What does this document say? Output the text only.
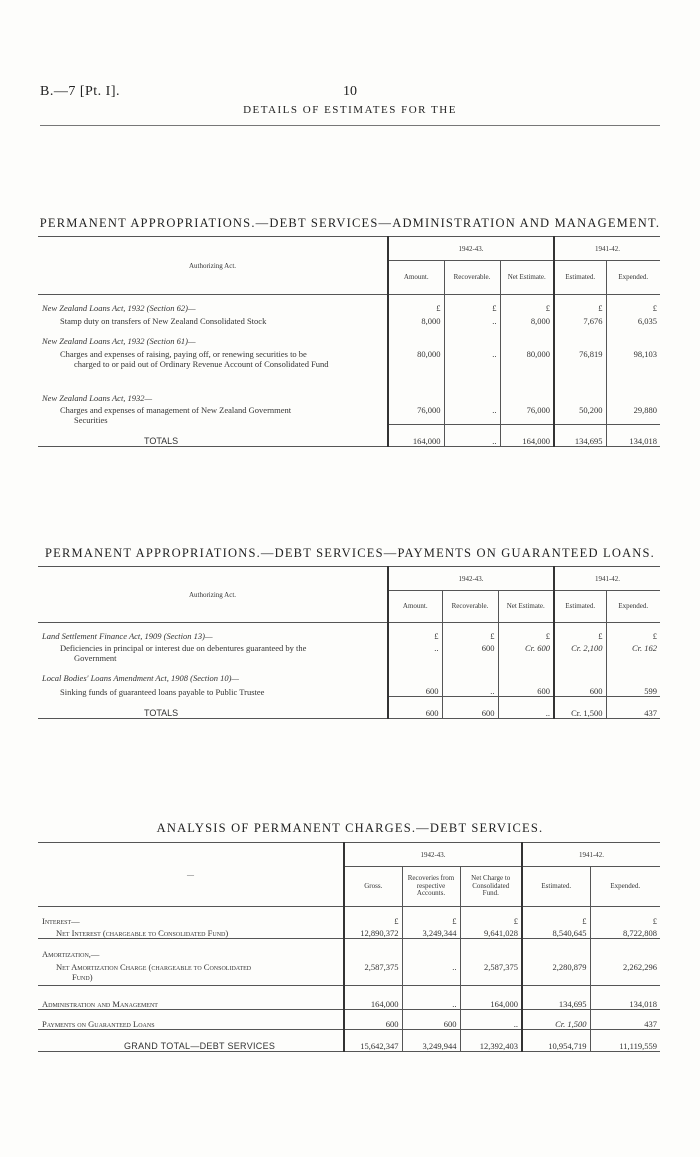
B.—7 [Pt. I].	10
DETAILS OF ESTIMATES FOR THE
PERMANENT APPROPRIATIONS.—DEBT SERVICES—ADMINISTRATION AND MANAGEMENT.
Authorizing Act.	1942-43.			1941-42.	
	Amount.	Recoverable.	Net Estimate.	Estimated.	Expended.
New Zealand Loans Act, 1932 (Section 62)—	£	£	£	£	£
Stamp duty on transfers of New Zealand Consolidated Stock	8,000	..	8,000	7,676	6,035
New Zealand Loans Act, 1932 (Section 61)—					
Charges and expenses of raising, paying off, or renewing securities to be	80,000	..	80,000	76,819	98,103
charged to or paid out of Ordinary Revenue Account of Consolidated Fund					
New Zealand Loans Act, 1932—					
Charges and expenses of management of New Zealand Government	76,000	..	76,000	50,200	29,880
Securities					
TOTALS	164,000	..	164,000	134,695	134,018
PERMANENT APPROPRIATIONS.—DEBT SERVICES—PAYMENTS ON GUARANTEED LOANS.
Authorizing Act.	1942-43.			1941-42.	
	Amount.	Recoverable.	Net Estimate.	Estimated.	Expended.
Land Settlement Finance Act, 1909 (Section 13)—	£	£	£	£	£
Deficiencies in principal or interest due on debentures guaranteed by the	..	600	Cr. 600	Cr. 2,100	Cr. 162
Government					
Local Bodies' Loans Amendment Act, 1908 (Section 10)—					
Sinking funds of guaranteed loans payable to Public Trustee	600	..	600	600	599
TOTALS	600	600	..	Cr. 1,500	437
ANALYSIS OF PERMANENT CHARGES.—DEBT SERVICES.
—	1942-43.			1941-42.	
	Gross.	Recoveries from respective Accounts.	Net Charge to Consolidated Fund.	Estimated.	Expended.
Interest—	£	£	£	£	£
Net Interest (chargeable to Consolidated Fund)	12,890,372	3,249,344	9,641,028	8,540,645	8,722,808
Amortization,—					
Net Amortization Charge (chargeable to Consolidated	2,587,375	..	2,587,375	2,280,879	2,262,296
Fund)					
Administration and Management	164,000	..	164,000	134,695	134,018
Payments on Guaranteed Loans	600	600	..	Cr. 1,500	437
GRAND TOTAL—DEBT SERVICES	15,642,347	3,249,944	12,392,403	10,954,719	11,119,559
